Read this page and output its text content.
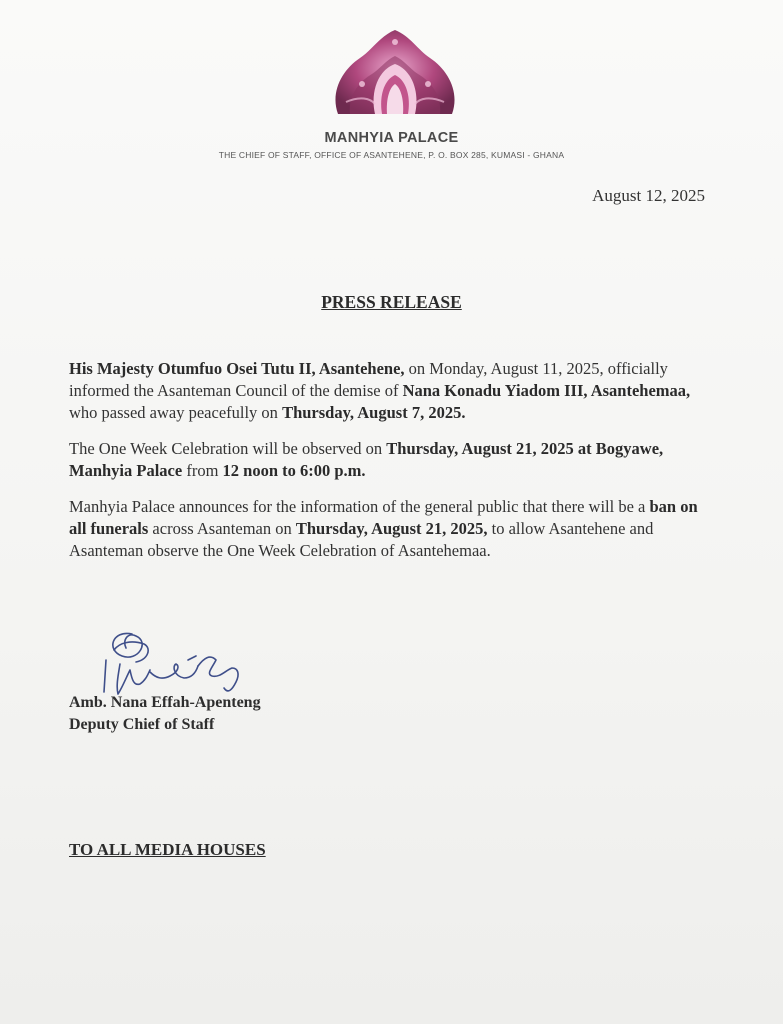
MANHYIA PALACE
THE CHIEF OF STAFF, OFFICE OF ASANTEHENE, P. O. BOX 285, KUMASI - GHANA
August 12, 2025
PRESS RELEASE

His Majesty Otumfuo Osei Tutu II, Asantehene, on Monday, August 11, 2025, officially informed the Asanteman Council of the demise of Nana Konadu Yiadom III, Asantehemaa, who passed away peacefully on Thursday, August 7, 2025.

The One Week Celebration will be observed on Thursday, August 21, 2025 at Bogyawe, Manhyia Palace from 12 noon to 6:00 p.m.

Manhyia Palace announces for the information of the general public that there will be a ban on all funerals across Asanteman on Thursday, August 21, 2025, to allow Asantehene and Asanteman observe the One Week Celebration of Asantehemaa.

Amb. Nana Effah-Apenteng
Deputy Chief of Staff
TO ALL MEDIA HOUSES
